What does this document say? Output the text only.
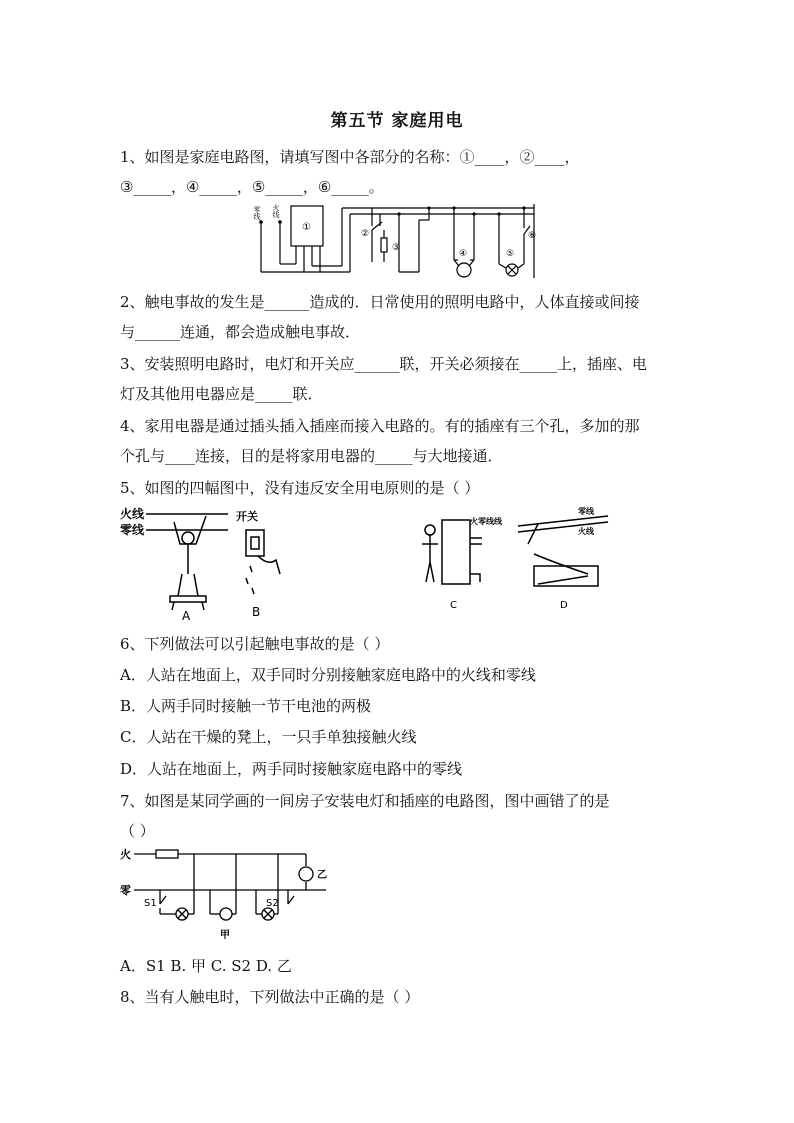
第五节 家庭用电
1、如图是家庭电路图，请填写图中各部分的名称：①____，②____，
③_____，④_____，⑤_____，⑥_____。
零线 火线
①
②
③
④	⑤
⑥
2、触电事故的发生是______造成的．日常使用的照明电路中，人体直接或间接
与______连通，都会造成触电事故．
3、安装照明电路时，电灯和开关应______联，开关必须接在_____上，插座、电
灯及其他用电器应是_____联．
4、家用电器是通过插头插入插座而接入电路的。有的插座有三个孔，多加的那
个孔与____连接，目的是将家用电器的_____与大地接通．
5、如图的四幅图中，没有违反安全用电原则的是（ ）
火线
零线
A
开关
B
火零线线
C
零线
火线
D
6、下列做法可以引起触电事故的是（ ）
A．人站在地面上，双手同时分别接触家庭电路中的火线和零线
B．人两手同时接触一节干电池的两极
C．人站在干燥的凳上，一只手单独接触火线
D．人站在地面上，两手同时接触家庭电路中的零线
7、如图是某同学画的一间房子安装电灯和插座的电路图，图中画错了的是
（ ）
火
零
S1
甲
S2
乙
A．S1 B. 甲 C. S2 D. 乙
8、当有人触电时，下列做法中正确的是（ ）
